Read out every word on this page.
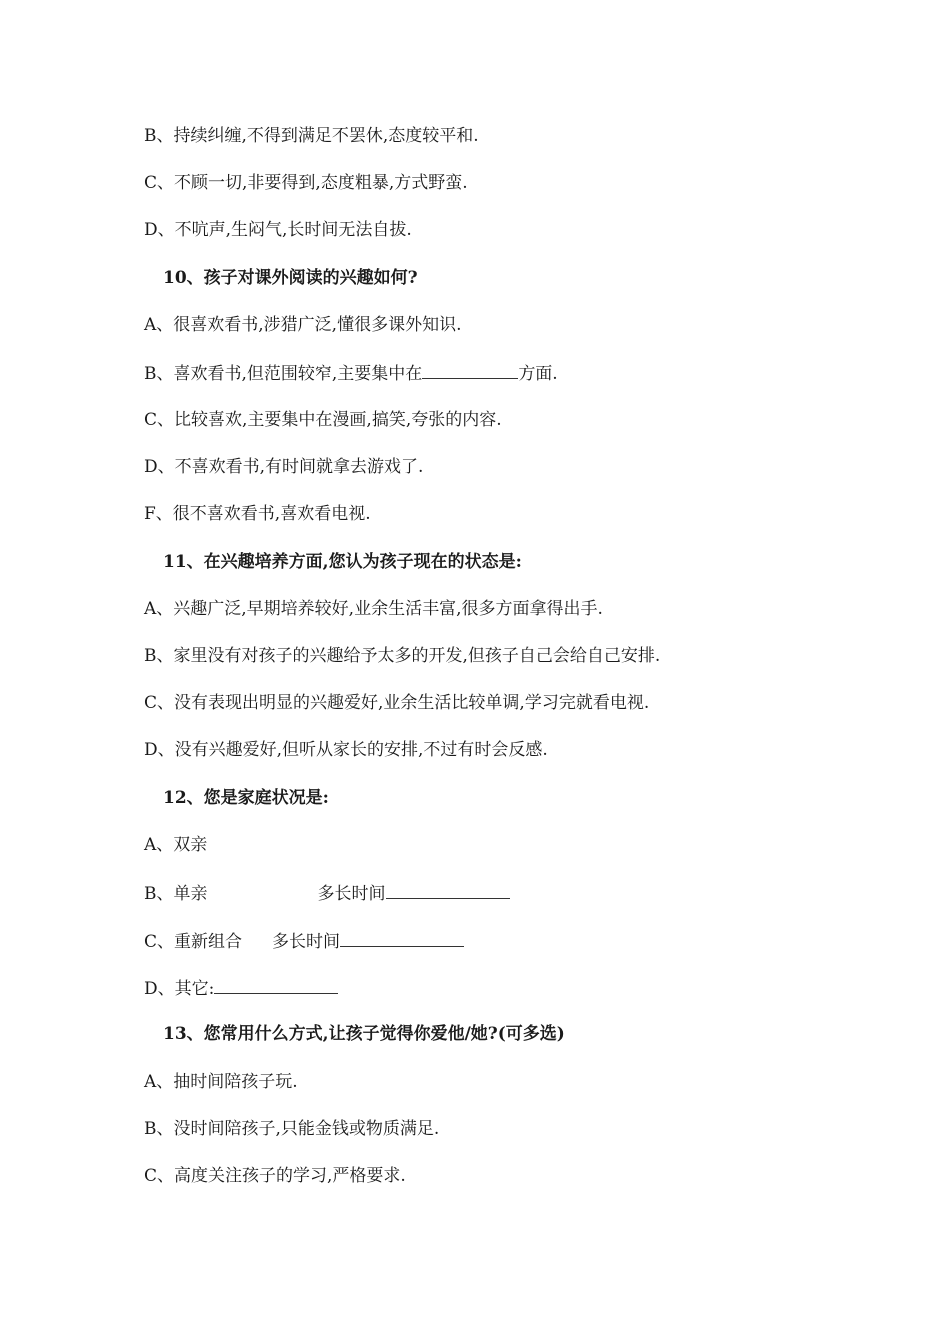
B、持续纠缠,不得到满足不罢休,态度较平和.
C、不顾一切,非要得到,态度粗暴,方式野蛮.
D、不吭声,生闷气,长时间无法自拔.
10、孩子对课外阅读的兴趣如何?
A、很喜欢看书,涉猎广泛,懂很多课外知识.
B、喜欢看书,但范围较窄,主要集中在	方面.
C、比较喜欢,主要集中在漫画,搞笑,夸张的内容.
D、不喜欢看书,有时间就拿去游戏了.
F、很不喜欢看书,喜欢看电视.
11、在兴趣培养方面,您认为孩子现在的状态是:
A、兴趣广泛,早期培养较好,业余生活丰富,很多方面拿得出手.
B、家里没有对孩子的兴趣给予太多的开发,但孩子自己会给自己安排.
C、没有表现出明显的兴趣爱好,业余生活比较单调,学习完就看电视.
D、没有兴趣爱好,但听从家长的安排,不过有时会反感.
12、您是家庭状况是:
A、双亲
B、单亲	多长时间
C、重新组合 多长时间
D、其它:
13、您常用什么方式,让孩子觉得你爱他/她?(可多选)
A、抽时间陪孩子玩.
B、没时间陪孩子,只能金钱或物质满足.
C、高度关注孩子的学习,严格要求.
